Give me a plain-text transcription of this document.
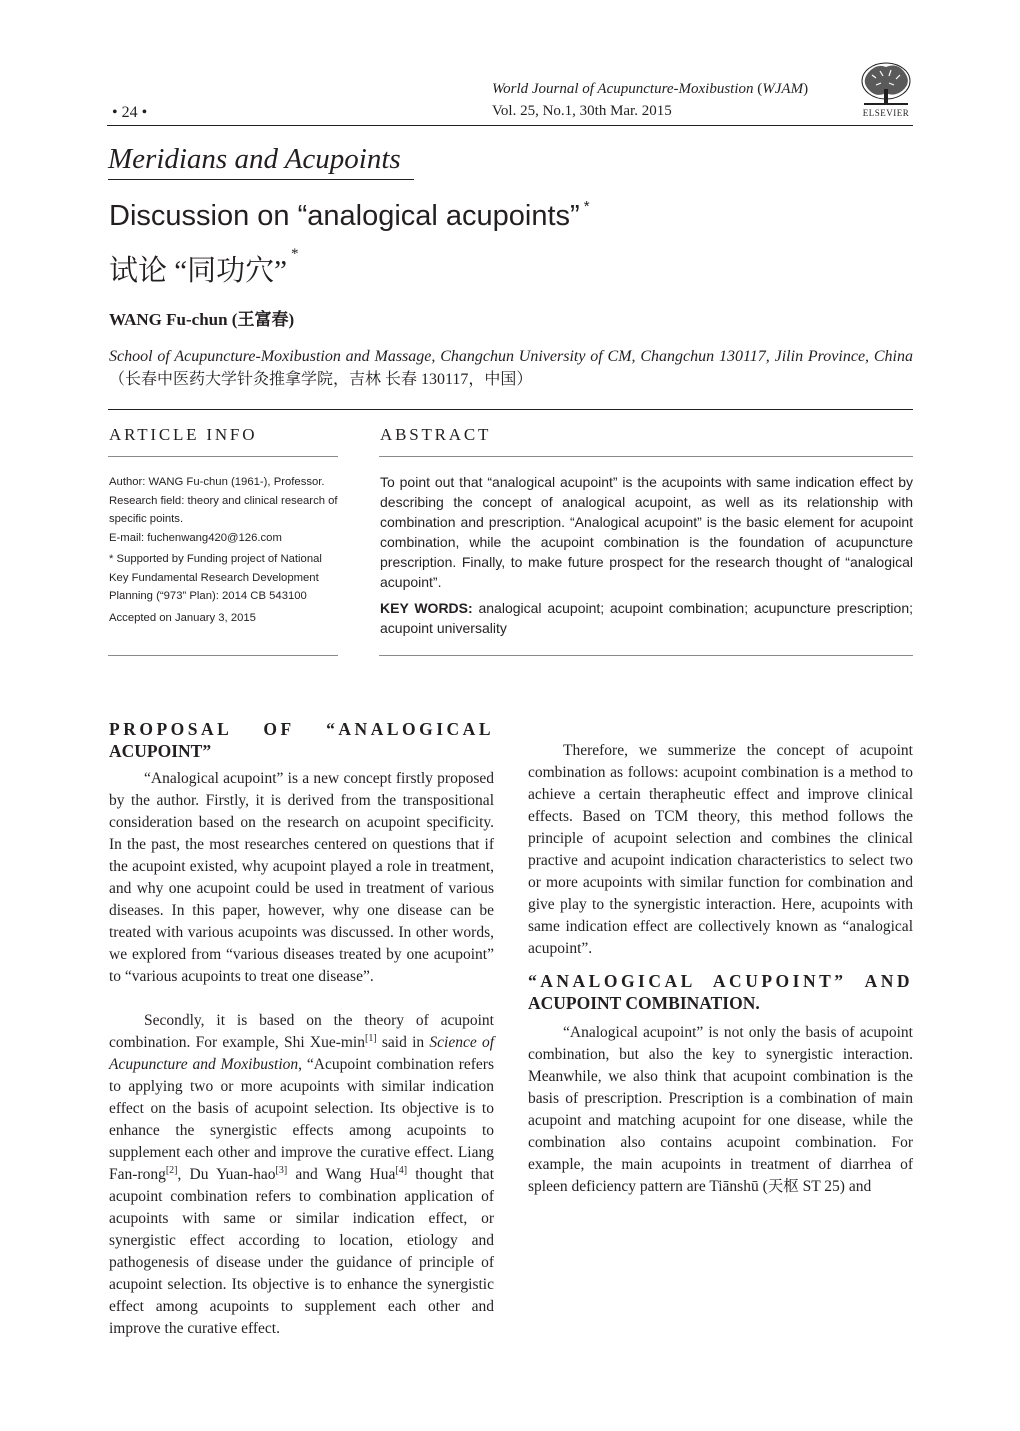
• 24 •
World Journal of Acupuncture-Moxibustion (WJAM)
Vol. 25, No.1, 30th Mar. 2015	ELSEVIER
Meridians and Acupoints
Discussion on “analogical acupoints” *
试论 “同功穴”*
WANG Fu-chun (王富春)
School of Acupuncture-Moxibustion and Massage, Changchun University of CM, Changchun 130117, Jilin Province, China（长春中医药大学针灸推拿学院，吉林 长春 130117，中国）
ARTICLE INFO	ABSTRACT

Author: WANG Fu-chun (1961-), Professor. Research field: theory and clinical research of specific points.

E-mail: fuchenwang420@126.com

* Supported by Funding project of National Key Fundamental Research Development Planning (“973” Plan): 2014 CB 543100

Accepted on January 3, 2015

To point out that “analogical acupoint” is the acupoints with same indication effect by describing the concept of analogical acupoint, as well as its relationship with combination and prescription. “Analogical acupoint” is the basic element for acupoint combination, while the acupoint combination is the foundation of acupuncture prescription. Finally, to make future prospect for the research thought of “analogical acupoint”.

KEY WORDS: analogical acupoint; acupoint combination; acupuncture prescription; acupoint universality

PROPOSAL OF “ANALOGICAL
ACUPOINT”

“Analogical acupoint” is a new concept firstly proposed by the author. Firstly, it is derived from the transpositional consideration based on the research on acupoint specificity. In the past, the most researches centered on questions that if the acupoint existed, why acupoint played a role in treatment, and why one acupoint could be used in treatment of various diseases. In this paper, however, why one disease can be treated with various acupoints was discussed. In other words, we explored from “various diseases treated by one acupoint” to “various acupoints to treat one disease”.

Secondly, it is based on the theory of acupoint combination. For example, Shi Xue-min[1] said in Science of Acupuncture and Moxibustion, “Acupoint combination refers to applying two or more acupoints with similar indication effect on the basis of acupoint selection. Its objective is to enhance the synergistic effects among acupoints to supplement each other and improve the curative effect. Liang Fan-rong[2], Du Yuan-hao[3] and Wang Hua[4] thought that acupoint combination refers to combination application of acupoints with same or similar indication effect, or synergistic effect according to location, etiology and pathogenesis of disease under the guidance of principle of acupoint selection. Its objective is to enhance the synergistic effect among acupoints to supplement each other and improve the curative effect.

Therefore, we summerize the concept of acupoint combination as follows: acupoint combination is a method to achieve a certain therapheutic effect and improve clinical effects. Based on TCM theory, this method follows the principle of acupoint selection and combines the clinical practive and acupoint indication characteristics to select two or more acupoints with similar function for combination and give play to the synergistic interaction. Here, acupoints with same indication effect are collectively known as “analogical acupoint”.

“ANALOGICAL ACUPOINT” AND
ACUPOINT COMBINATION.

“Analogical acupoint” is not only the basis of acupoint combination, but also the key to synergistic interaction. Meanwhile, we also think that acupoint combination is the basis of prescription. Prescription is a combination of main acupoint and matching acupoint for one disease, while the combination also contains acupoint combination. For example, the main acupoints in treatment of diarrhea of spleen deficiency pattern are Tiānshū (天枢 ST 25) and
